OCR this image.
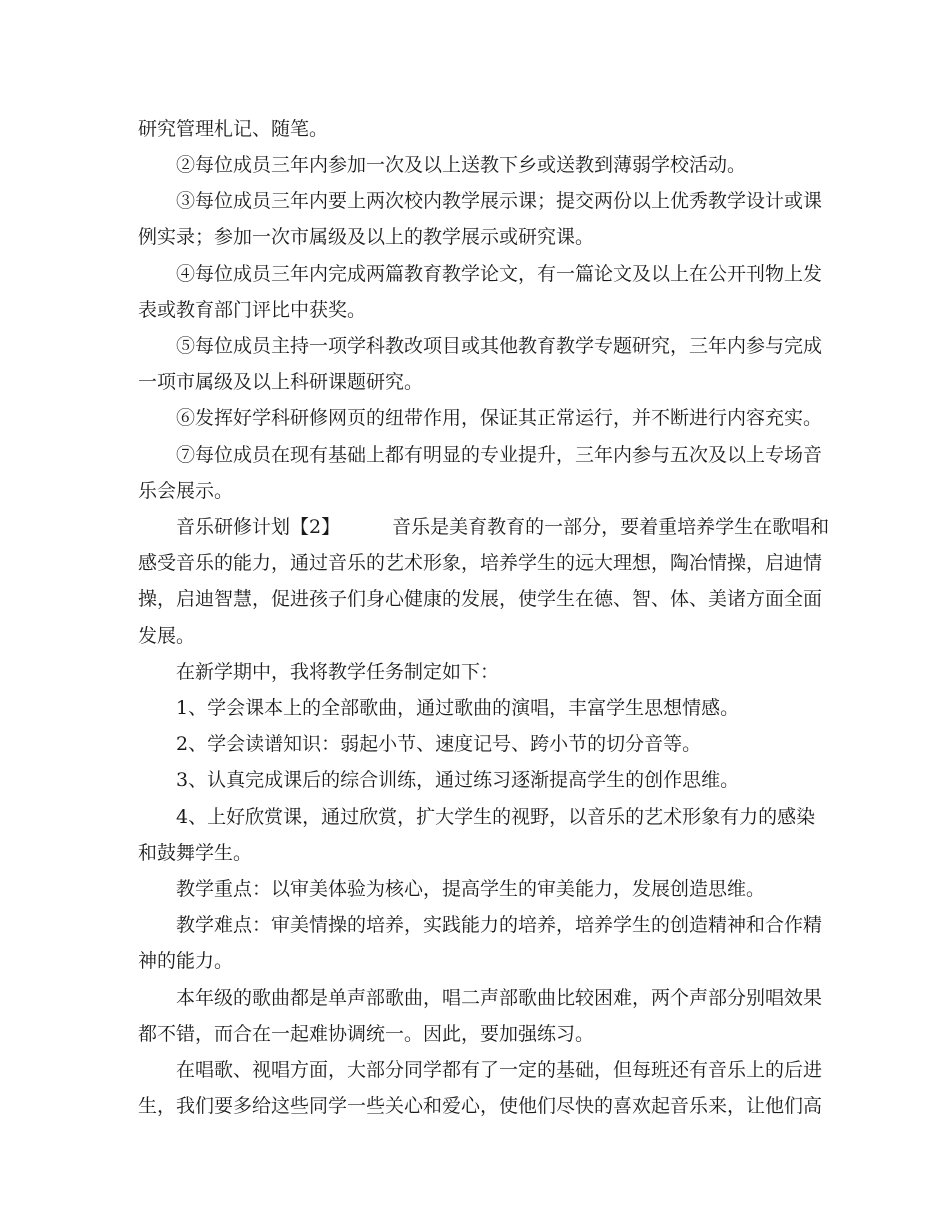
研究管理札记、随笔。
②每位成员三年内参加一次及以上送教下乡或送教到薄弱学校活动。
③每位成员三年内要上两次校内教学展示课；提交两份以上优秀教学设计或课
例实录；参加一次市属级及以上的教学展示或研究课。
④每位成员三年内完成两篇教育教学论文，有一篇论文及以上在公开刊物上发
表或教育部门评比中获奖。
⑤每位成员主持一项学科教改项目或其他教育教学专题研究，三年内参与完成
一项市属级及以上科研课题研究。
⑥发挥好学科研修网页的纽带作用，保证其正常运行，并不断进行内容充实。
⑦每位成员在现有基础上都有明显的专业提升，三年内参与五次及以上专场音
乐会展示。
音乐研修计划【2】	音乐是美育教育的一部分，要着重培养学生在歌唱和
感受音乐的能力，通过音乐的艺术形象，培养学生的远大理想，陶冶情操，启迪情
操，启迪智慧，促进孩子们身心健康的发展，使学生在德、智、体、美诸方面全面
发展。
在新学期中，我将教学任务制定如下：
1、学会课本上的全部歌曲，通过歌曲的演唱，丰富学生思想情感。
2、学会读谱知识：弱起小节、速度记号、跨小节的切分音等。
3、认真完成课后的综合训练，通过练习逐渐提高学生的创作思维。
4、上好欣赏课，通过欣赏，扩大学生的视野，以音乐的艺术形象有力的感染
和鼓舞学生。
教学重点：以审美体验为核心，提高学生的审美能力，发展创造思维。
教学难点：审美情操的培养，实践能力的培养，培养学生的创造精神和合作精
神的能力。
本年级的歌曲都是单声部歌曲，唱二声部歌曲比较困难，两个声部分别唱效果
都不错，而合在一起难协调统一。因此，要加强练习。
在唱歌、视唱方面，大部分同学都有了一定的基础，但每班还有音乐上的后进
生，我们要多给这些同学一些关心和爱心，使他们尽快的喜欢起音乐来，让他们高
